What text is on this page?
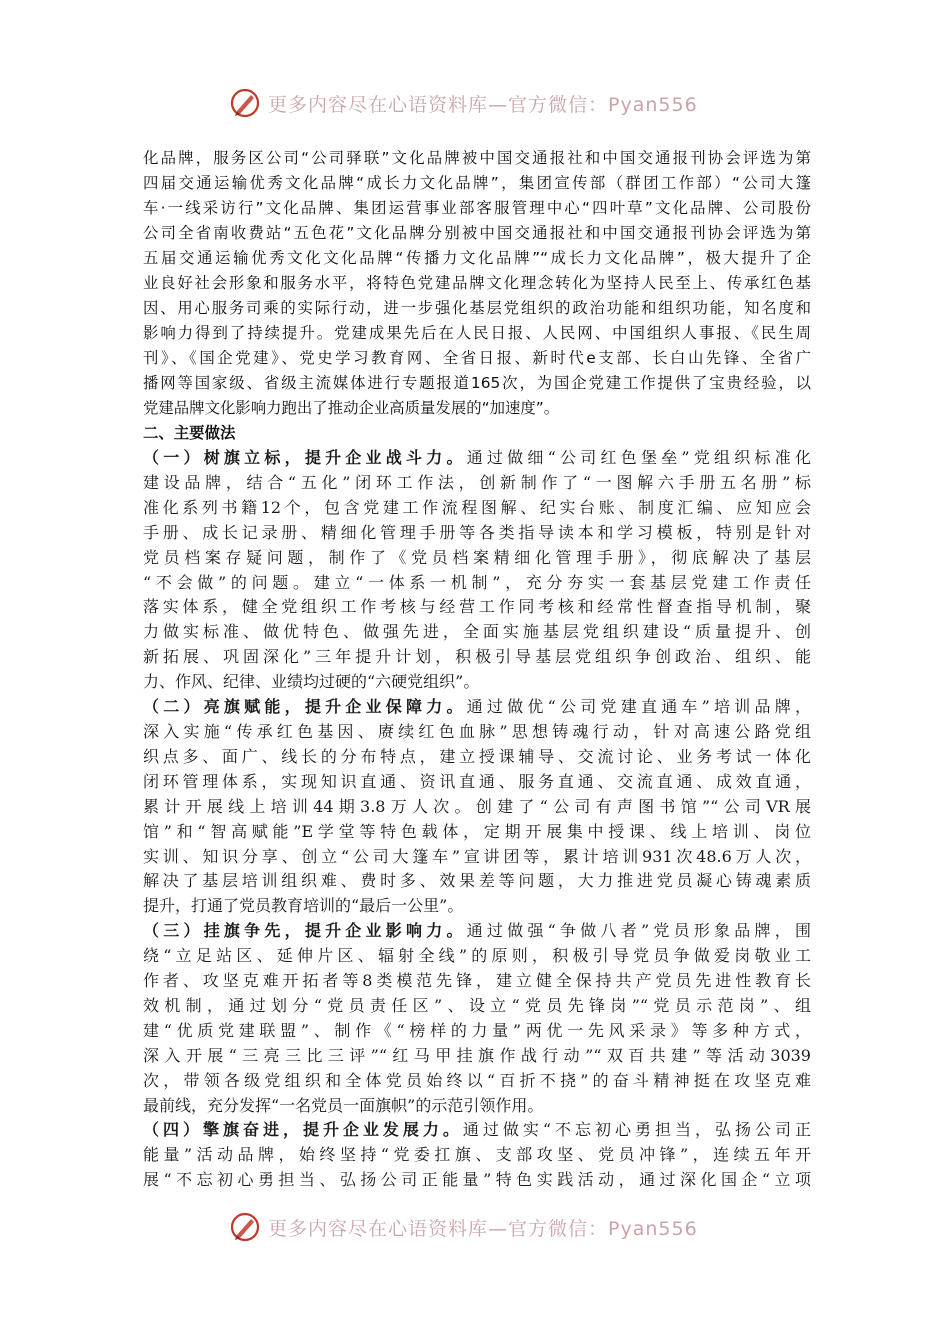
更多内容尽在心语资料库—官方微信：Pyan556

化品牌，服务区公司“公司驿联”文化品牌被中国交通报社和中国交通报刊协会评选为第
四届交通运输优秀文化品牌“成长力文化品牌”，集团宣传部（群团工作部）“公司大篷
车·一线采访行”文化品牌、集团运营事业部客服管理中心“四叶草”文化品牌、公司股份
公司全省南收费站“五色花”文化品牌分别被中国交通报社和中国交通报刊协会评选为第
五届交通运输优秀文化文化品牌“传播力文化品牌”“成长力文化品牌”，极大提升了企
业良好社会形象和服务水平，将特色党建品牌文化理念转化为坚持人民至上、传承红色基
因、用心服务司乘的实际行动，进一步强化基层党组织的政治功能和组织功能，知名度和
影响力得到了持续提升。党建成果先后在人民日报、人民网、中国组织人事报、《民生周
刊》、《国企党建》、党史学习教育网、全省日报、新时代e支部、长白山先锋、全省广
播网等国家级、省级主流媒体进行专题报道165次，为国企党建工作提供了宝贵经验，以
党建品牌文化影响力跑出了推动企业高质量发展的“加速度”。

二、主要做法

（一）树旗立标，提升企业战斗力。通过做细“公司红色堡垒”党组织标准化
建设品牌，结合“五化”闭环工作法，创新制作了“一图解六手册五名册”标
准化系列书籍12个，包含党建工作流程图解、纪实台账、制度汇编、应知应会
手册、成长记录册、精细化管理手册等各类指导读本和学习模板，特别是针对
党员档案存疑问题，制作了《党员档案精细化管理手册》，彻底解决了基层
“不会做”的问题。建立“一体系一机制”，充分夯实一套基层党建工作责任
落实体系，健全党组织工作考核与经营工作同考核和经常性督查指导机制，聚
力做实标准、做优特色、做强先进，全面实施基层党组织建设“质量提升、创
新拓展、巩固深化”三年提升计划，积极引导基层党组织争创政治、组织、能
力、作风、纪律、业绩均过硬的“六硬党组织”。

（二）亮旗赋能，提升企业保障力。通过做优“公司党建直通车”培训品牌，
深入实施“传承红色基因、赓续红色血脉”思想铸魂行动，针对高速公路党组
织点多、面广、线长的分布特点，建立授课辅导、交流讨论、业务考试一体化
闭环管理体系，实现知识直通、资讯直通、服务直通、交流直通、成效直通，
累计开展线上培训44期3.8万人次。创建了“公司有声图书馆”“公司VR展
馆”和“智高赋能”E学堂等特色载体，定期开展集中授课、线上培训、岗位
实训、知识分享、创立“公司大篷车”宣讲团等，累计培训931次48.6万人次，
解决了基层培训组织难、费时多、效果差等问题，大力推进党员凝心铸魂素质
提升，打通了党员教育培训的“最后一公里”。

（三）挂旗争先，提升企业影响力。通过做强“争做八者”党员形象品牌，围
绕“立足站区、延伸片区、辐射全线”的原则，积极引导党员争做爱岗敬业工
作者、攻坚克难开拓者等8类模范先锋，建立健全保持共产党员先进性教育长
效机制，通过划分“党员责任区”、设立“党员先锋岗”“党员示范岗”、组
建“优质党建联盟”、制作《“榜样的力量”两优一先风采录》等多种方式，
深入开展“三亮三比三评”“红马甲挂旗作战行动”“双百共建”等活动3039
次，带领各级党组织和全体党员始终以“百折不挠”的奋斗精神挺在攻坚克难
最前线，充分发挥“一名党员一面旗帜”的示范引领作用。

（四）擎旗奋进，提升企业发展力。通过做实“不忘初心勇担当，弘扬公司正
能量”活动品牌，始终坚持“党委扛旗、支部攻坚、党员冲锋”，连续五年开
展“不忘初心勇担当、弘扬公司正能量”特色实践活动，通过深化国企“立项

更多内容尽在心语资料库—官方微信：Pyan556
